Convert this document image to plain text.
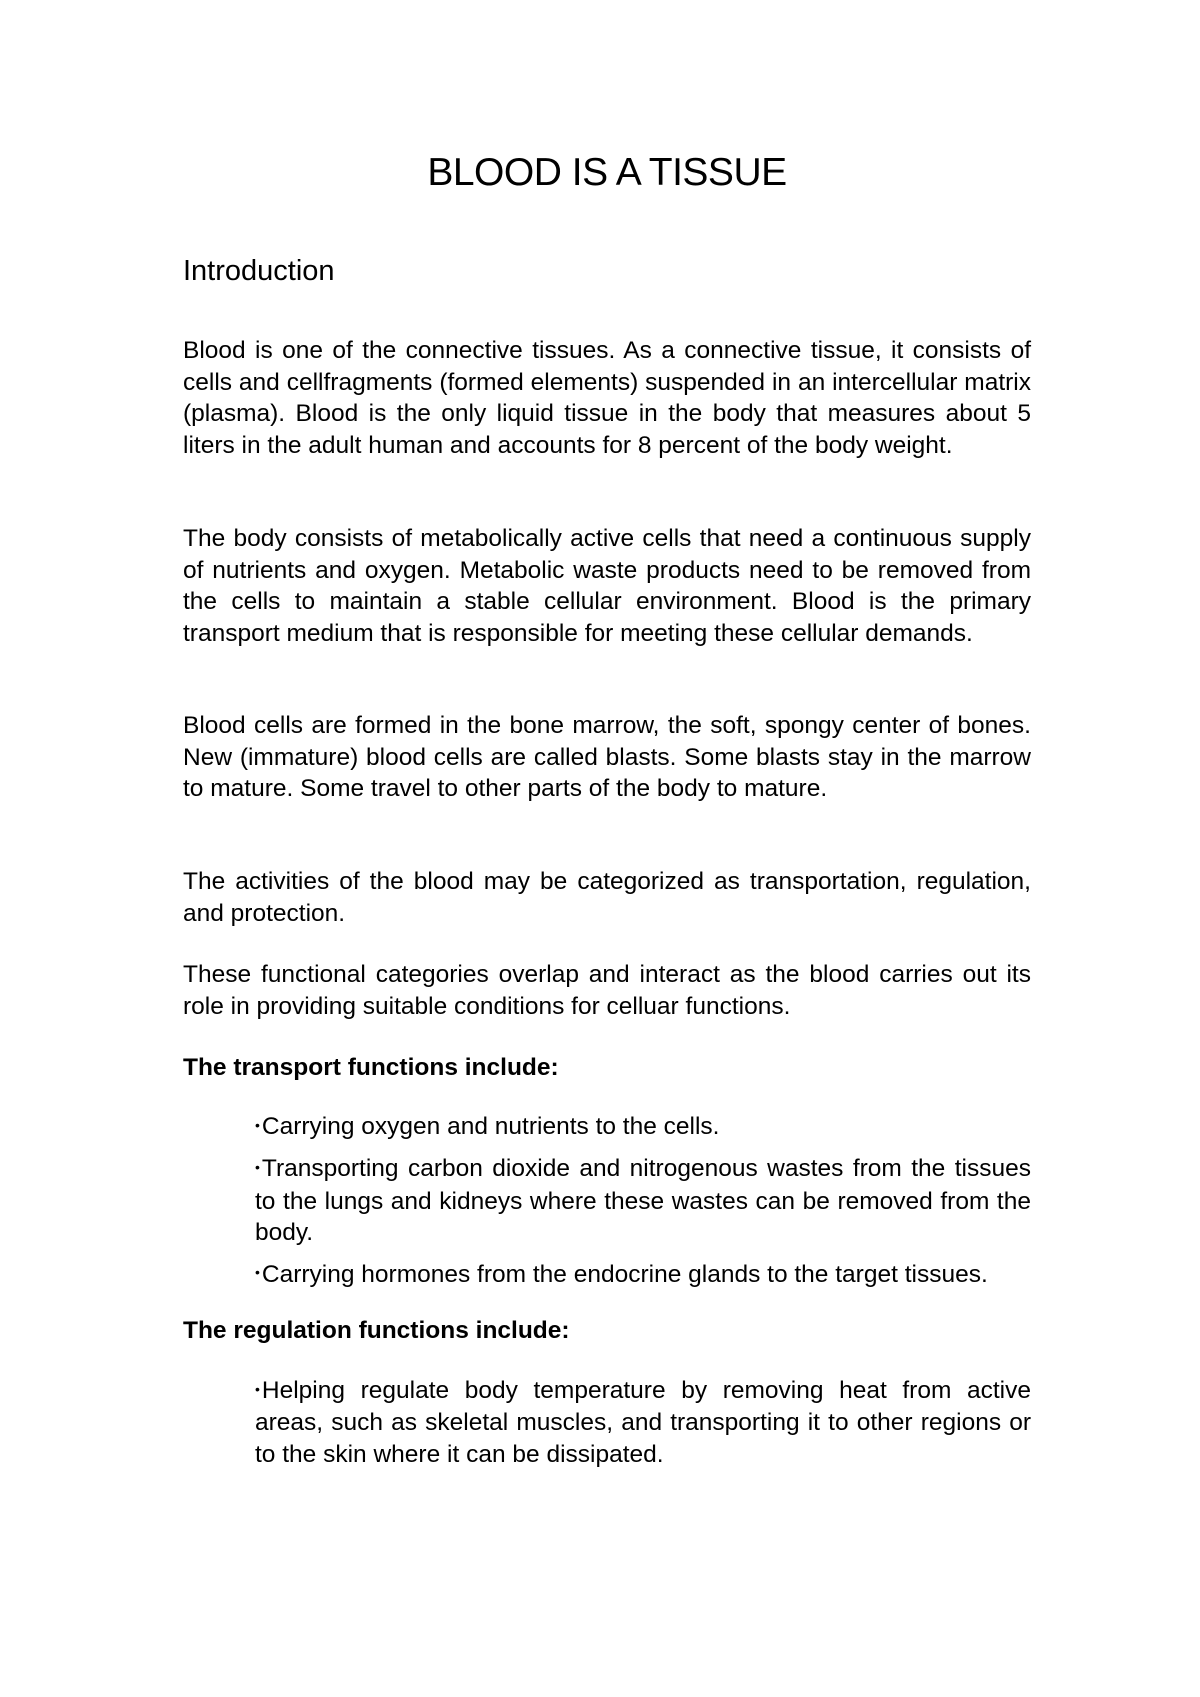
BLOOD IS A TISSUE
Introduction

Blood is one of the connective tissues. As a connective tissue, it consists of cells and cellfragments (formed elements) suspended in an intercellular matrix (plasma). Blood is the only liquid tissue in the body that measures about 5 liters in the adult human and accounts for 8 percent of the body weight.

The body consists of metabolically active cells that need a continuous supply of nutrients and oxygen. Metabolic waste products need to be removed from the cells to maintain a stable cellular environment. Blood is the primary transport medium that is responsible for meeting these cellular demands.

Blood cells are formed in the bone marrow, the soft, spongy center of bones. New (immature) blood cells are called blasts. Some blasts stay in the marrow to mature. Some travel to other parts of the body to mature.

The activities of the blood may be categorized as transportation, regulation, and protection.

These functional categories overlap and interact as the blood carries out its role in providing suitable conditions for celluar functions.

The transport functions include:
•Carrying oxygen and nutrients to the cells.
•Transporting carbon dioxide and nitrogenous wastes from the tissues to the lungs and kidneys where these wastes can be removed from the body.
•Carrying hormones from the endocrine glands to the target tissues.
The regulation functions include:
•Helping regulate body temperature by removing heat from active areas, such as skeletal muscles, and transporting it to other regions or to the skin where it can be dissipated.
